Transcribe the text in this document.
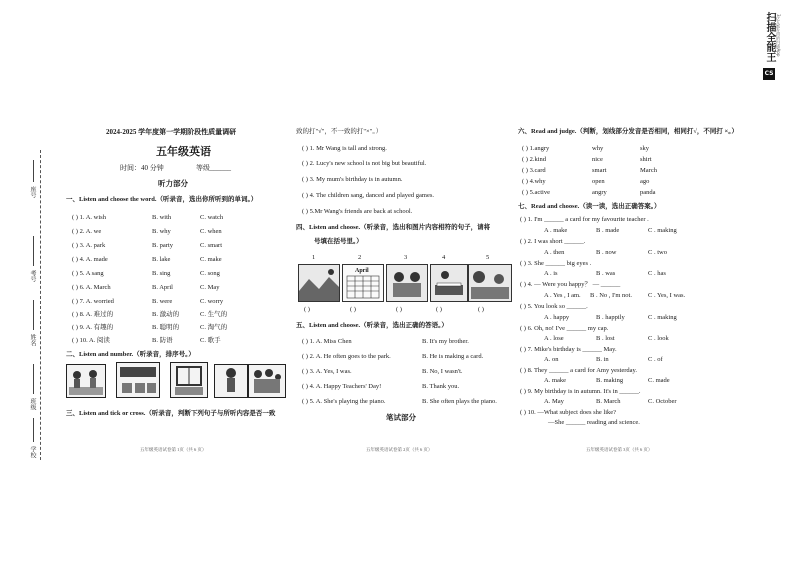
座号
考号
姓名
班级
学校
扫描全能王 3亿人都在用的扫描App
CS
2024-2025 学年度第一学期阶段性质量调研
五年级英语
时间：40 分钟	等级______
听力部分
一、Listen and choose the word.（听录音，选出你所听到的单词。）
( ) 1. A. wish	B. with	C. watch
( ) 2. A. we	B. why	C. when
( ) 3. A. park	B. party	C. smart
( ) 4. A. made	B. lake	C. make
( ) 5. A sang	B. sing	C. song
( ) 6. A. March	B. April	C. May
( ) 7. A. worried	B. were	C. worry
( ) 8. A. 难过的	B. 激动的	C. 生气的
( ) 9. A. 有趣的	B. 聪明的	C. 淘气的
( ) 10. A. 阅读	B. 防语	C. 歌手
二、Listen and number.（听录音，排序号。）
三、Listen and tick or cross.（听录音，判断下列句子与所听内容是否一致
五年级英语试卷第 1页（共 6 页）
致的打"√"，不一致的打"×"。）
( ) 1. Mr Wang is tall and strong.
( ) 2. Lucy's new school is not big but beautiful.
( ) 3. My mum's birthday is in autumn.
( ) 4. The children sang, danced and played games.
( ) 5.Mr Wang's friends are back at school.
四、Listen and choose.（听录音，选出和图片内容相符的句子，请将
号填在括号里。）
1	2	3	4	5
April
( )	( )	( )	( )	( )
五、Listen and choose.（听录音，选出正确的答语。）
( ) 1. A. Miss Chen	B. It's my brother.
( ) 2. A. He often goes to the park.	B. He is making a card.
( ) 3. A. Yes, I was.	B. No, I wasn't.
( ) 4. A. Happy Teachers' Day!	B. Thank you.
( ) 5. A. She's playing the piano.	B. She often plays the piano.
笔试部分
五年级英语试卷第 2页（共 6 页）
六、Read and judge.（判断，划线部分发音是否相同，相同打√，不同打 ×。）
( ) 1.angry	why	sky
( ) 2.kind	nice	shirt
( ) 3.card	smart	March
( ) 4.why	open	ago
( ) 5.active	angry	panda
七、Read and choose.（读一读，选出正确答案。）
( ) 1. I'm ______ a card for my favourite teacher .
A . make	B . made	C . making
( ) 2. I was short ______.
A . then	B . now	C . two
( ) 3. She ______ big eyes .
A . is	B . was	C . has
( ) 4. — Were you happy？ — ______
A . Yes , I am. B . No , I'm not. C . Yes, I was.
( ) 5. You look so ______.
A . happy	B . happily	C . making
( ) 6. Oh, no! I've ______ my cap.
A . lose	B . lost	C . look
( ) 7. Mike's birthday is ______ May.
A. on	B. in	C . of
( ) 8. They ______ a card for Amy yesterday.
A. make	B. making	C. made
( ) 9. My birthday is in autumn. It's in ______.
A. May	B. March	C. October
( ) 10. —What subject does she like?
—She ______ reading and science.
五年级英语试卷第 3页（共 6 页）
